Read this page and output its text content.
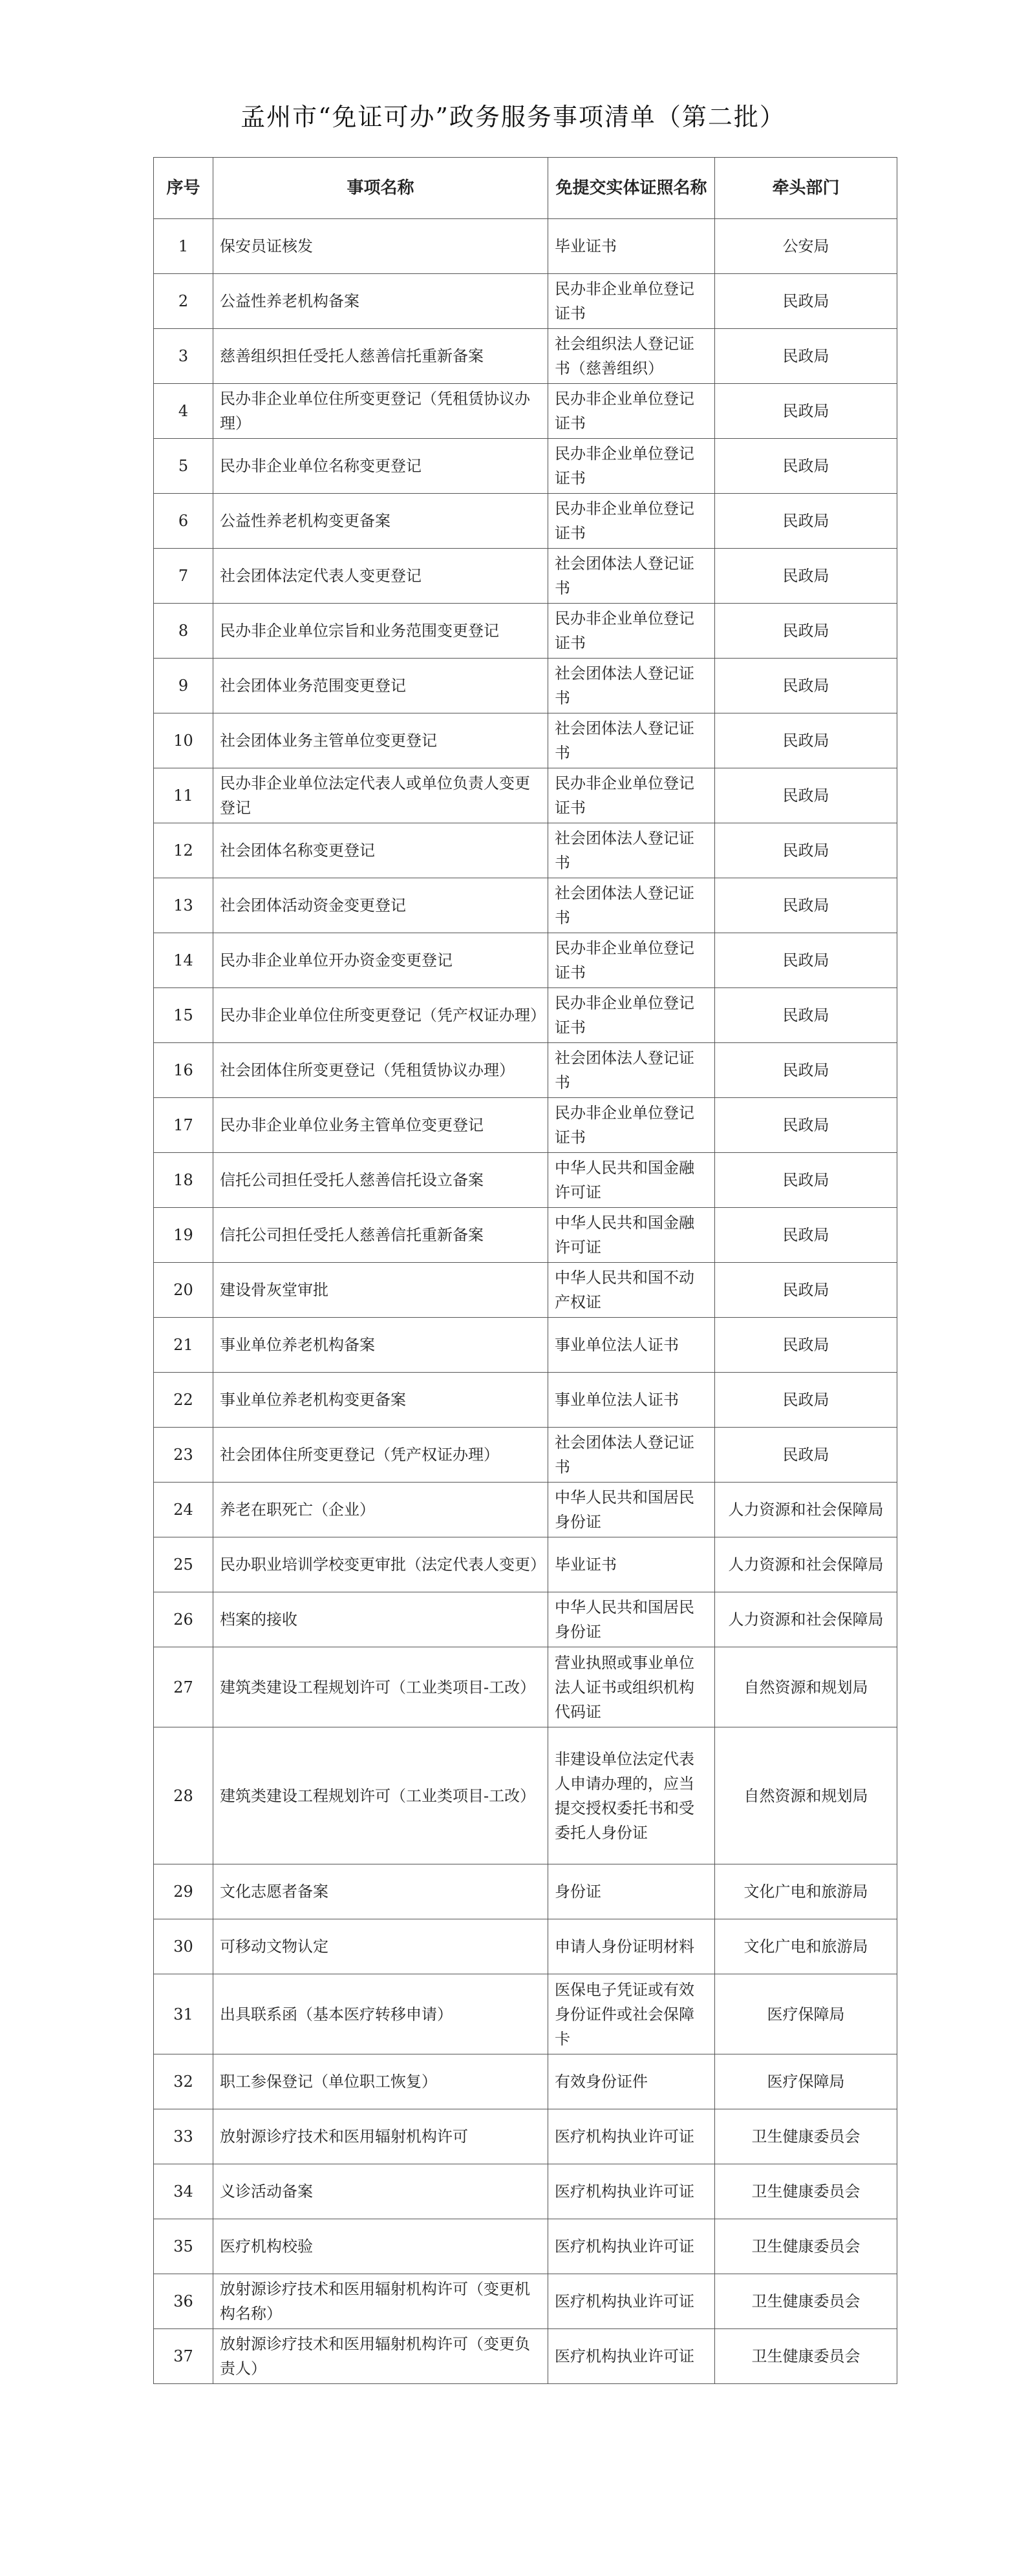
孟州市“免证可办”政务服务事项清单（第二批）
序号	事项名称	免提交实体证照名称	牵头部门
1	保安员证核发	毕业证书	公安局
2	公益性养老机构备案	民办非企业单位登记证书	民政局
3	慈善组织担任受托人慈善信托重新备案	社会组织法人登记证书（慈善组织）	民政局
4	民办非企业单位住所变更登记（凭租赁协议办理）	民办非企业单位登记证书	民政局
5	民办非企业单位名称变更登记	民办非企业单位登记证书	民政局
6	公益性养老机构变更备案	民办非企业单位登记证书	民政局
7	社会团体法定代表人变更登记	社会团体法人登记证书	民政局
8	民办非企业单位宗旨和业务范围变更登记	民办非企业单位登记证书	民政局
9	社会团体业务范围变更登记	社会团体法人登记证书	民政局
10	社会团体业务主管单位变更登记	社会团体法人登记证书	民政局
11	民办非企业单位法定代表人或单位负责人变更登记	民办非企业单位登记证书	民政局
12	社会团体名称变更登记	社会团体法人登记证书	民政局
13	社会团体活动资金变更登记	社会团体法人登记证书	民政局
14	民办非企业单位开办资金变更登记	民办非企业单位登记证书	民政局
15	民办非企业单位住所变更登记（凭产权证办理）	民办非企业单位登记证书	民政局
16	社会团体住所变更登记（凭租赁协议办理）	社会团体法人登记证书	民政局
17	民办非企业单位业务主管单位变更登记	民办非企业单位登记证书	民政局
18	信托公司担任受托人慈善信托设立备案	中华人民共和国金融许可证	民政局
19	信托公司担任受托人慈善信托重新备案	中华人民共和国金融许可证	民政局
20	建设骨灰堂审批	中华人民共和国不动产权证	民政局
21	事业单位养老机构备案	事业单位法人证书	民政局
22	事业单位养老机构变更备案	事业单位法人证书	民政局
23	社会团体住所变更登记（凭产权证办理）	社会团体法人登记证书	民政局
24	养老在职死亡（企业）	中华人民共和国居民身份证	人力资源和社会保障局
25	民办职业培训学校变更审批（法定代表人变更）	毕业证书	人力资源和社会保障局
26	档案的接收	中华人民共和国居民身份证	人力资源和社会保障局
27	建筑类建设工程规划许可（工业类项目-工改）	营业执照或事业单位法人证书或组织机构代码证	自然资源和规划局
28	建筑类建设工程规划许可（工业类项目-工改）	非建设单位法定代表人申请办理的，应当提交授权委托书和受委托人身份证	自然资源和规划局
29	文化志愿者备案	身份证	文化广电和旅游局
30	可移动文物认定	申请人身份证明材料	文化广电和旅游局
31	出具联系函（基本医疗转移申请）	医保电子凭证或有效身份证件或社会保障卡	医疗保障局
32	职工参保登记（单位职工恢复）	有效身份证件	医疗保障局
33	放射源诊疗技术和医用辐射机构许可	医疗机构执业许可证	卫生健康委员会
34	义诊活动备案	医疗机构执业许可证	卫生健康委员会
35	医疗机构校验	医疗机构执业许可证	卫生健康委员会
36	放射源诊疗技术和医用辐射机构许可（变更机构名称）	医疗机构执业许可证	卫生健康委员会
37	放射源诊疗技术和医用辐射机构许可（变更负责人）	医疗机构执业许可证	卫生健康委员会
